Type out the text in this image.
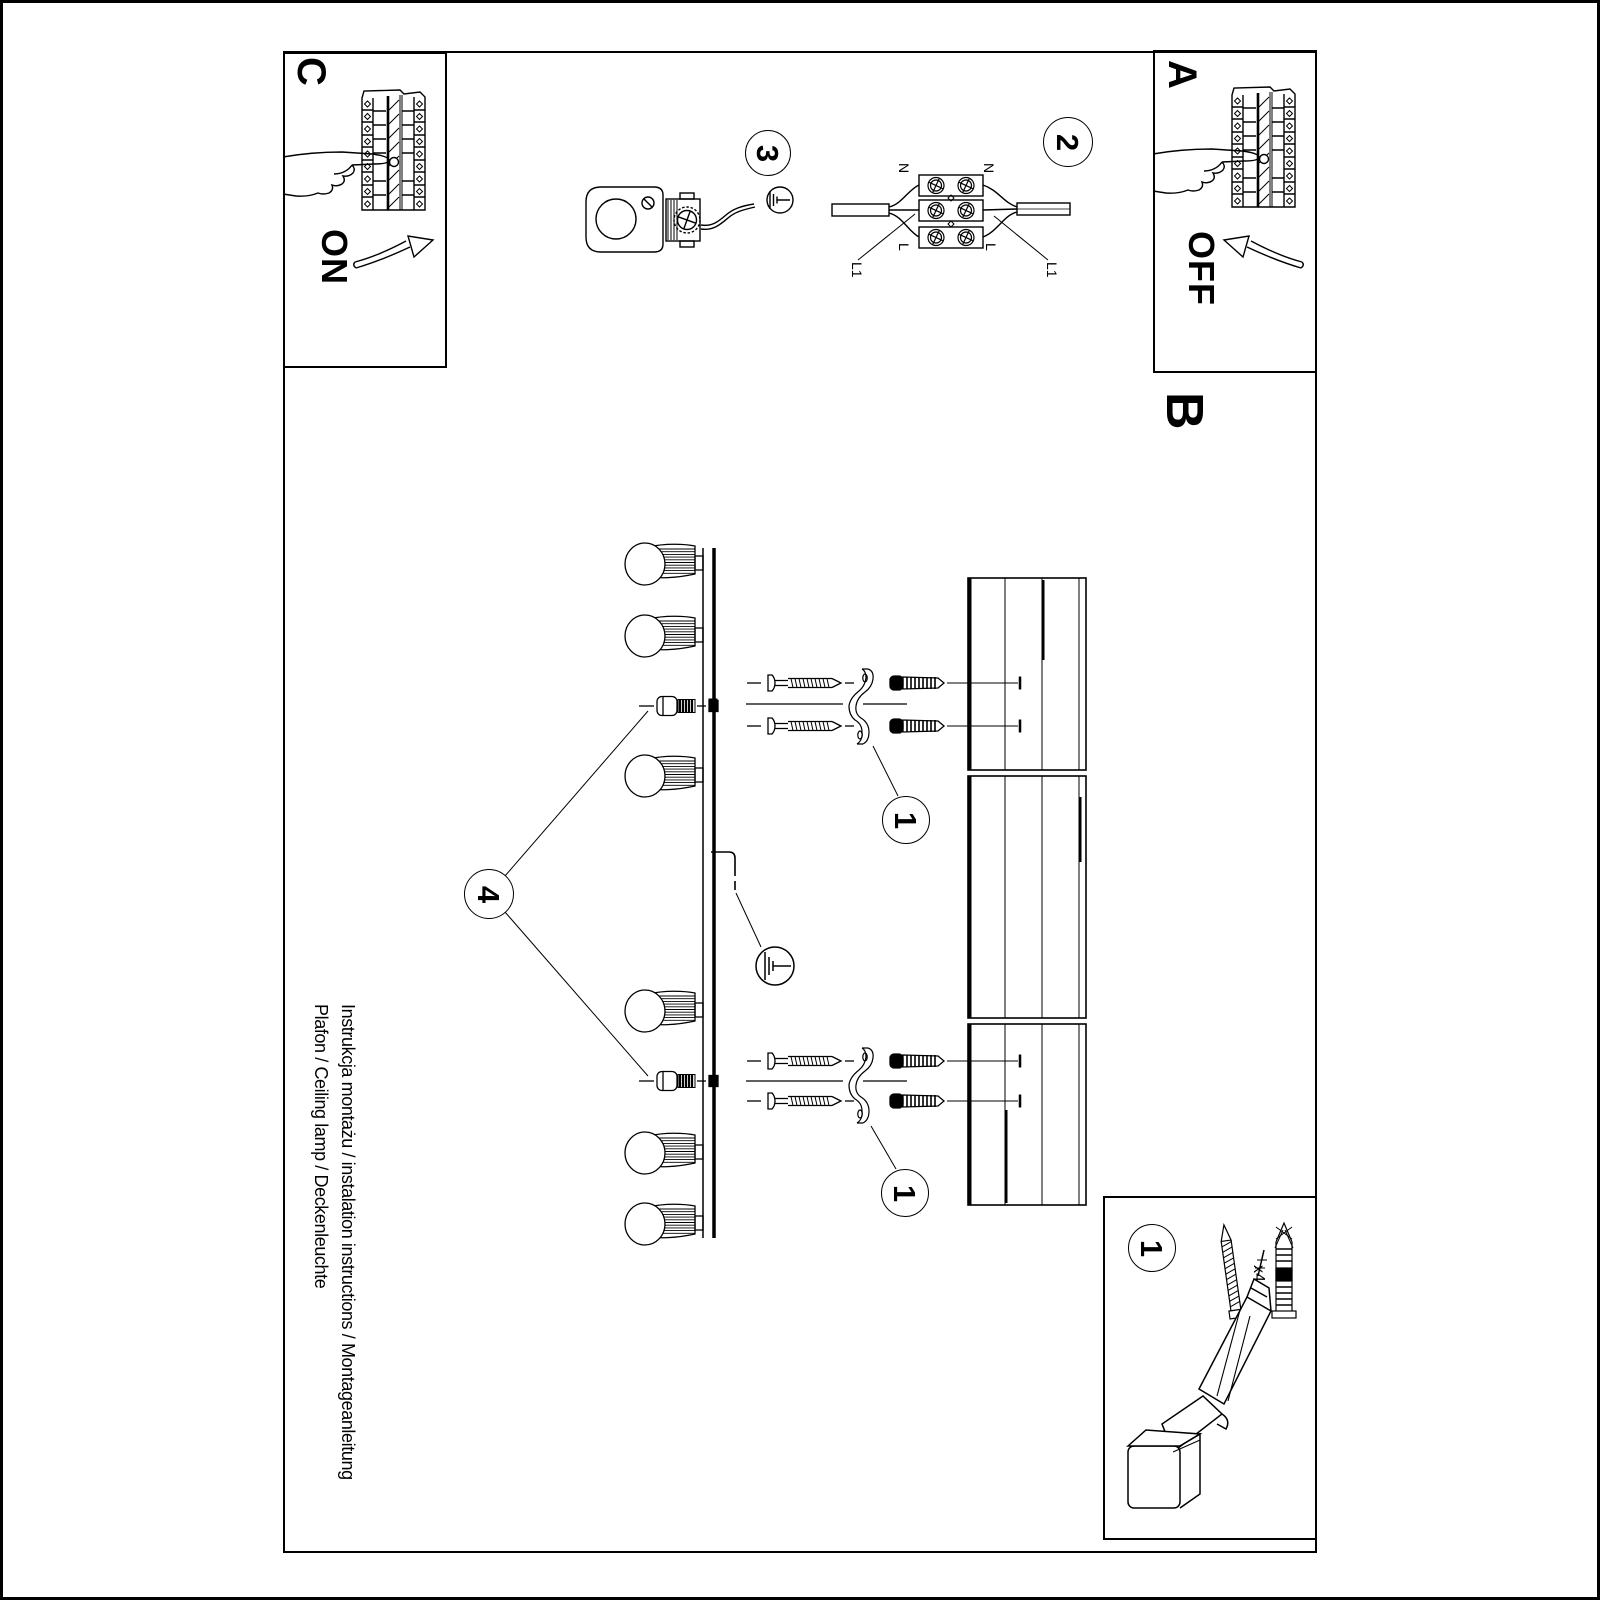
C
ON
A
OFF
B
N	N
L	L
L1	L1
x4
Instrukcja montażu / instalation instructions / Montageanleitung
Plafon / Ceiling lamp / Deckenleuchte
3
2
4
1
1
1
